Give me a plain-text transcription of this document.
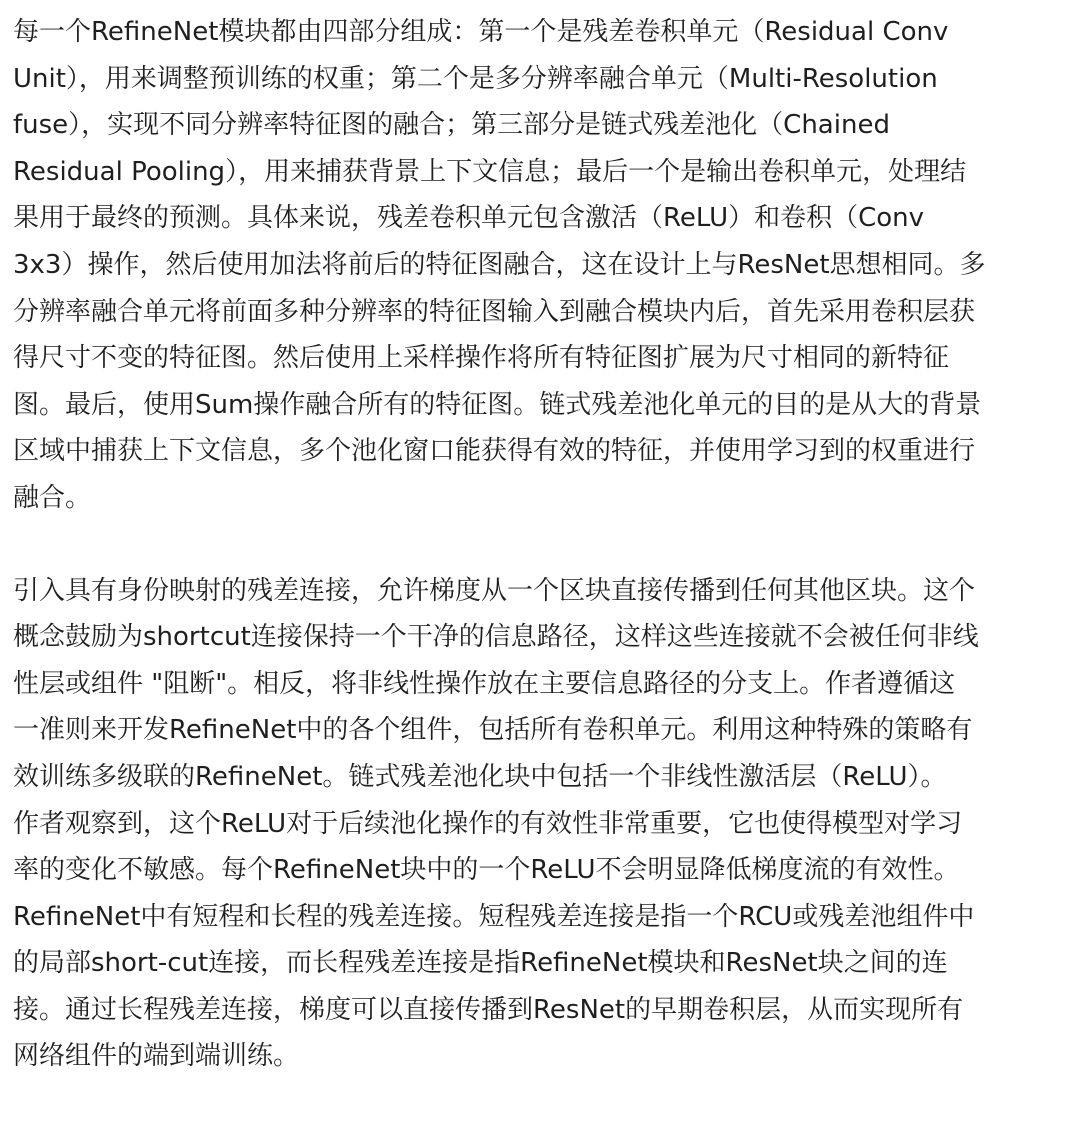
每一个RefineNet模块都由四部分组成：第一个是残差卷积单元（Residual Conv
Unit），用来调整预训练的权重；第二个是多分辨率融合单元（Multi-Resolution
fuse），实现不同分辨率特征图的融合；第三部分是链式残差池化（Chained
Residual Pooling），用来捕获背景上下文信息；最后一个是输出卷积单元，处理结
果用于最终的预测。具体来说，残差卷积单元包含激活（ReLU）和卷积（Conv
3x3）操作，然后使用加法将前后的特征图融合，这在设计上与ResNet思想相同。多
分辨率融合单元将前面多种分辨率的特征图输入到融合模块内后，首先采用卷积层获
得尺寸不变的特征图。然后使用上采样操作将所有特征图扩展为尺寸相同的新特征
图。最后，使用Sum操作融合所有的特征图。链式残差池化单元的目的是从大的背景
区域中捕获上下文信息，多个池化窗口能获得有效的特征，并使用学习到的权重进行
融合。

引入具有身份映射的残差连接，允许梯度从一个区块直接传播到任何其他区块。这个
概念鼓励为shortcut连接保持一个干净的信息路径，这样这些连接就不会被任何非线
性层或组件 "阻断"。相反，将非线性操作放在主要信息路径的分支上。作者遵循这
一准则来开发RefineNet中的各个组件，包括所有卷积单元。利用这种特殊的策略有
效训练多级联的RefineNet。链式残差池化块中包括一个非线性激活层（ReLU）。
作者观察到，这个ReLU对于后续池化操作的有效性非常重要，它也使得模型对学习
率的变化不敏感。每个RefineNet块中的一个ReLU不会明显降低梯度流的有效性。
RefineNet中有短程和长程的残差连接。短程残差连接是指一个RCU或残差池组件中
的局部short-cut连接，而长程残差连接是指RefineNet模块和ResNet块之间的连
接。通过长程残差连接，梯度可以直接传播到ResNet的早期卷积层，从而实现所有
网络组件的端到端训练。
